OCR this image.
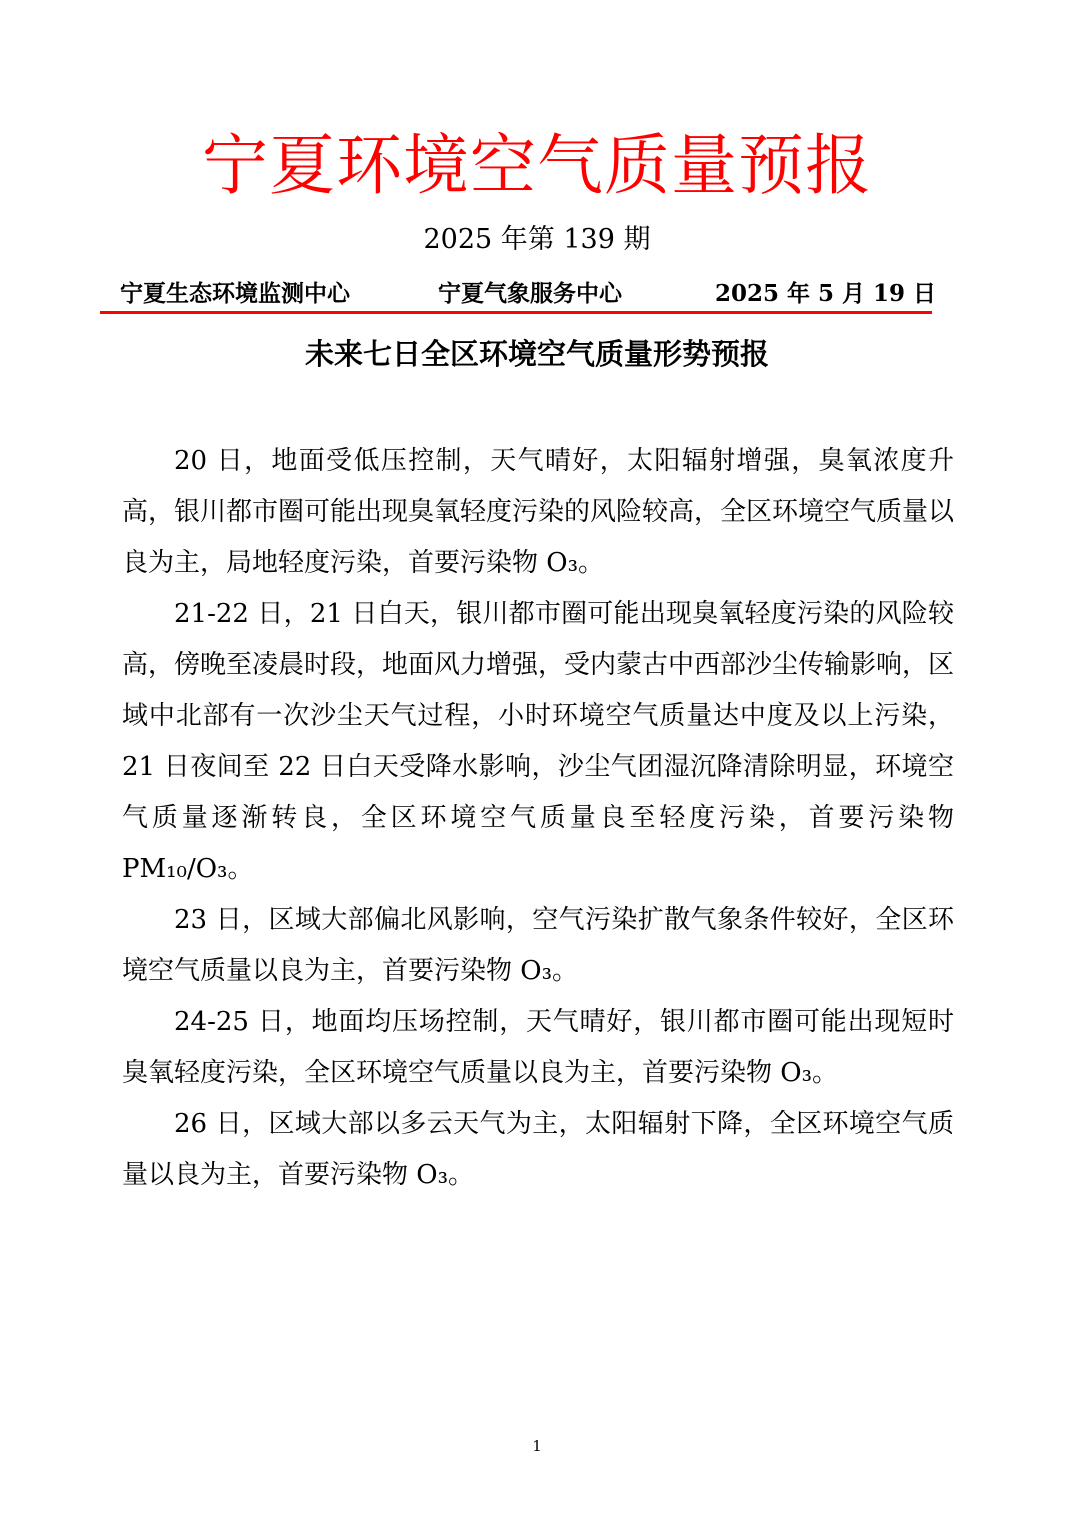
宁夏环境空气质量预报
2025 年第 139 期
宁夏生态环境监测中心	宁夏气象服务中心	2025 年 5 月 19 日
未来七日全区环境空气质量形势预报

20 日，地面受低压控制，天气晴好，太阳辐射增强，臭氧浓度升高，银川都市圈可能出现臭氧轻度污染的风险较高，全区环境空气质量以良为主，局地轻度污染，首要污染物 O₃。

21-22 日，21 日白天，银川都市圈可能出现臭氧轻度污染的风险较高，傍晚至凌晨时段，地面风力增强，受内蒙古中西部沙尘传输影响，区域中北部有一次沙尘天气过程，小时环境空气质量达中度及以上污染，21 日夜间至 22 日白天受降水影响，沙尘气团湿沉降清除明显，环境空气质量逐渐转良，全区环境空气质量良至轻度污染，首要污染物 PM₁₀/O₃。

23 日，区域大部偏北风影响，空气污染扩散气象条件较好，全区环境空气质量以良为主，首要污染物 O₃。

24-25 日，地面均压场控制，天气晴好，银川都市圈可能出现短时臭氧轻度污染，全区环境空气质量以良为主，首要污染物 O₃。

26 日，区域大部以多云天气为主，太阳辐射下降，全区环境空气质量以良为主，首要污染物 O₃。

1
